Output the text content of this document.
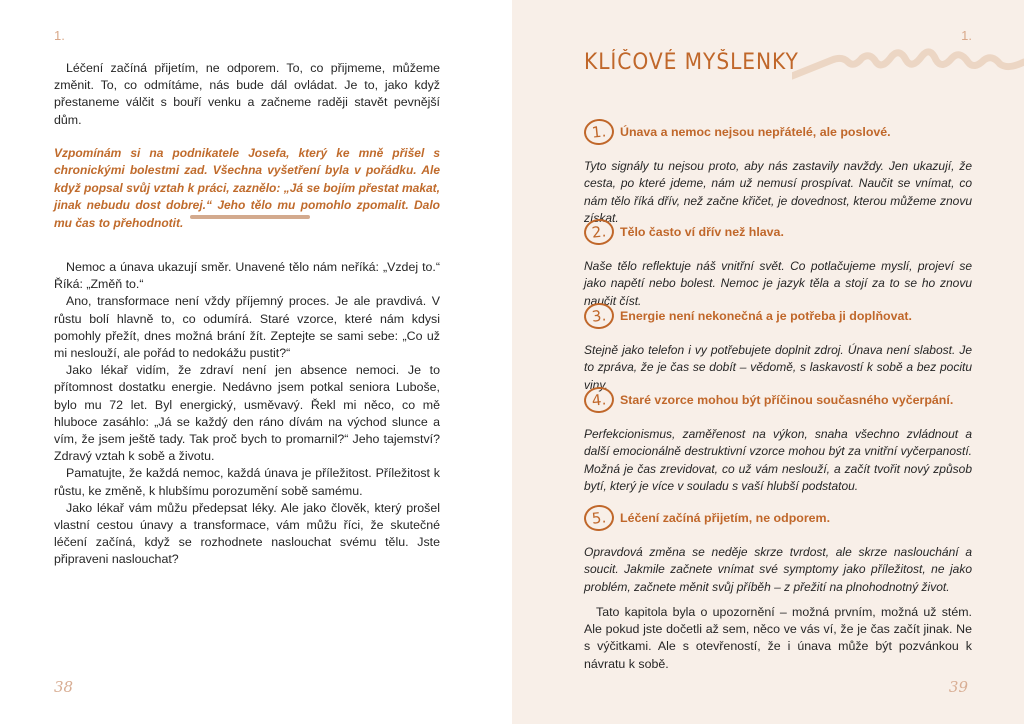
1.

Léčení začíná přijetím, ne odporem. To, co přijmeme, můžeme změnit. To, co odmítáme, nás bude dál ovládat. Je to, jako když přestaneme válčit s bouří venku a začneme raději stavět pevnější dům.

Vzpomínám si na podnikatele Josefa, který ke mně přišel s chronickými bolestmi zad. Všechna vyšetření byla v pořádku. Ale když popsal svůj vztah k práci, zaznělo: „Já se bojím přestat makat, jinak nebudu dost dobrej.“ Jeho tělo mu pomohlo zpomalit. Dalo mu čas to přehodnotit.

Nemoc a únava ukazují směr. Unavené tělo nám neříká: „Vzdej to.“ Říká: „Změň to.“

Ano, transformace není vždy příjemný proces. Je ale pravdivá. V růstu bolí hlavně to, co odumírá. Staré vzorce, které nám kdysi pomohly přežít, dnes možná brání žít. Zeptejte se sami sebe: „Co už mi neslouží, ale pořád to nedokážu pustit?“

Jako lékař vidím, že zdraví není jen absence nemoci. Je to přítomnost dostatku energie. Nedávno jsem potkal seniora Luboše, bylo mu 72 let. Byl energický, usměvavý. Řekl mi něco, co mě hluboce zasáhlo: „Já se každý den ráno dívám na východ slunce a vím, že jsem ještě tady. Tak proč bych to promarnil?“ Jeho tajemství? Zdravý vztah k sobě a životu.

Pamatujte, že každá nemoc, každá únava je příležitost. Příležitost k růstu, ke změně, k hlubšímu porozumění sobě samému.

Jako lékař vám můžu předepsat léky. Ale jako člověk, který prošel vlastní cestou únavy a transformace, vám můžu říci, že skutečné léčení začíná, když se rozhodnete naslouchat svému tělu. Jste připraveni naslouchat?

38
1.
KLÍČOVÉ MYŠLENKY
1.	Únava a nemoc nejsou nepřátelé, ale poslové.

Tyto signály tu nejsou proto, aby nás zastavily navždy. Jen ukazují, že cesta, po které jdeme, nám už nemusí prospívat. Naučit se vnímat, co nám tělo říká dřív, než začne křičet, je dovednost, kterou můžeme znovu získat.

2.	Tělo často ví dřív než hlava.

Naše tělo reflektuje náš vnitřní svět. Co potlačujeme myslí, projeví se jako napětí nebo bolest. Nemoc je jazyk těla a stojí za to se ho znovu naučit číst.

3.	Energie není nekonečná a je potřeba ji doplňovat.

Stejně jako telefon i vy potřebujete doplnit zdroj. Únava není slabost. Je to zpráva, že je čas se dobít – vědomě, s laskavostí k sobě a bez pocitu viny.

4.	Staré vzorce mohou být příčinou současného vyčerpání.

Perfekcionismus, zaměřenost na výkon, snaha všechno zvládnout a další emocionálně destruktivní vzorce mohou být za vnitřní vyčerpaností. Možná je čas zrevidovat, co už vám neslouží, a začít tvořit nový způsob bytí, který je více v souladu s vaší hlubší podstatou.

5.	Léčení začíná přijetím, ne odporem.

Opravdová změna se neděje skrze tvrdost, ale skrze naslouchání a soucit. Jakmile začnete vnímat své symptomy jako příležitost, ne jako problém, začnete měnit svůj příběh – z přežití na plnohodnotný život.

Tato kapitola byla o upozornění – možná prvním, možná už stém. Ale pokud jste dočetli až sem, něco ve vás ví, že je čas začít jinak. Ne s výčitkami. Ale s otevřeností, že i únava může být pozvánkou k návratu k sobě.

39
